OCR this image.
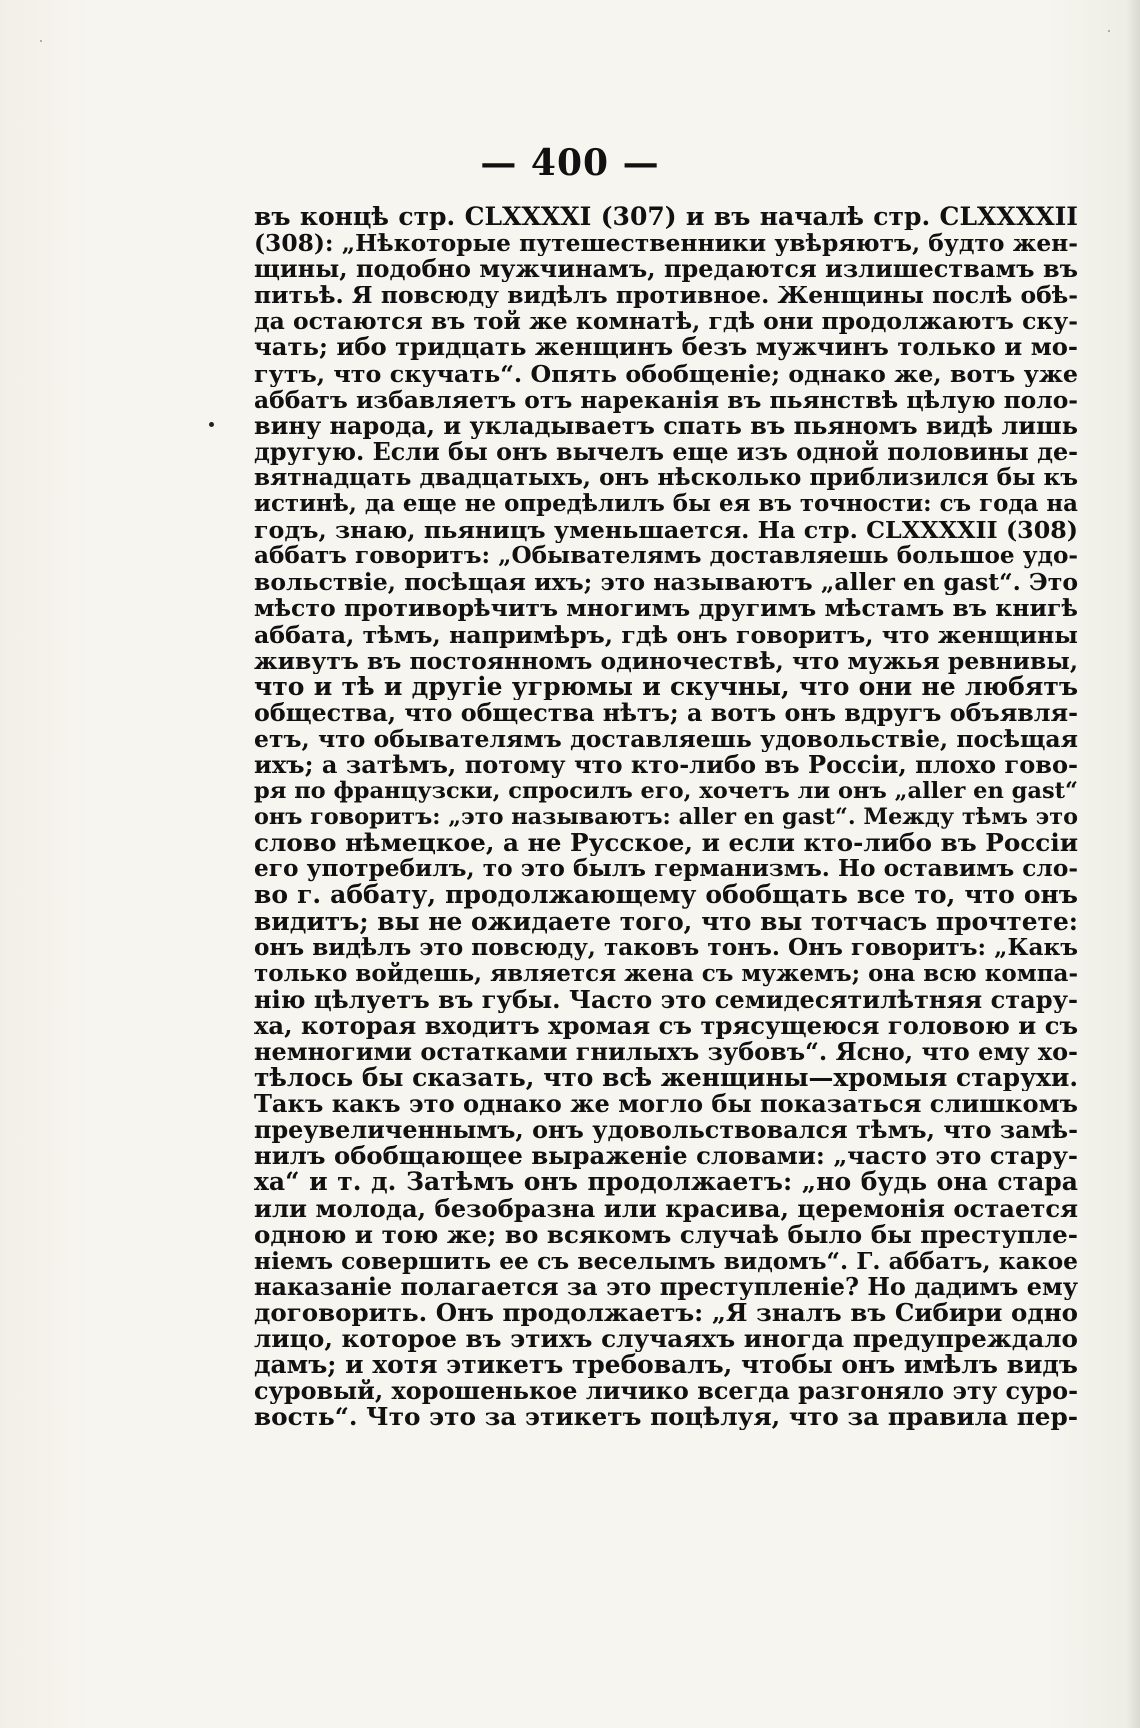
— 400 —
въ концѣ стр. CLXXXXI (307) и въ началѣ стр. CLXXXXII
(308): „Нѣкоторые путешественники увѣряютъ, будто жен-
щины, подобно мужчинамъ, предаются излишествамъ въ
питьѣ. Я повсюду видѣлъ противное. Женщины послѣ обѣ-
да остаются въ той же комнатѣ, гдѣ они продолжаютъ ску-
чать; ибо тридцать женщинъ безъ мужчинъ только и мо-
гутъ, что скучать“. Опять обобщеніе; однако же, вотъ уже
аббатъ избавляетъ отъ нареканія въ пьянствѣ цѣлую поло-
вину народа, и укладываетъ спать въ пьяномъ видѣ лишь
другую. Если бы онъ вычелъ еще изъ одной половины де-
вятнадцать двадцатыхъ, онъ нѣсколько приблизился бы къ
истинѣ, да еще не опредѣлилъ бы ея въ точности: съ года на
годъ, знаю, пьяницъ уменьшается. На стр. CLXXXXII (308)
аббатъ говоритъ: „Обывателямъ доставляешь большое удо-
вольствіе, посѣщая ихъ; это называютъ „aller en gast“. Это
мѣсто противорѣчитъ многимъ другимъ мѣстамъ въ книгѣ
аббата, тѣмъ, напримѣръ, гдѣ онъ говоритъ, что женщины
живутъ въ постоянномъ одиночествѣ, что мужья ревнивы,
что и тѣ и другіе угрюмы и скучны, что они не любятъ
общества, что общества нѣтъ; а вотъ онъ вдругъ объявля-
етъ, что обывателямъ доставляешь удовольствіе, посѣщая
ихъ; а затѣмъ, потому что кто-либо въ Россіи, плохо гово-
ря по французски, спросилъ его, хочетъ ли онъ „aller en gast“
онъ говоритъ: „это называютъ: aller en gast“. Между тѣмъ это
слово нѣмецкое, а не Русское, и если кто-либо въ Россіи
его употребилъ, то это былъ германизмъ. Но оставимъ сло-
во г. аббату, продолжающему обобщать все то, что онъ
видитъ; вы не ожидаете того, что вы тотчасъ прочтете:
онъ видѣлъ это повсюду, таковъ тонъ. Онъ говоритъ: „Какъ
только войдешь, является жена съ мужемъ; она всю компа-
нію цѣлуетъ въ губы. Часто это семидесятилѣтняя стару-
ха, которая входитъ хромая съ трясущеюся головою и съ
немногими остатками гнилыхъ зубовъ“. Ясно, что ему хо-
тѣлось бы сказать, что всѣ женщины—хромыя старухи.
Такъ какъ это однако же могло бы показаться слишкомъ
преувеличеннымъ, онъ удовольствовался тѣмъ, что замѣ-
нилъ обобщающее выраженіе словами: „часто это стару-
ха“ и т. д. Затѣмъ онъ продолжаетъ: „но будь она стара
или молода, безобразна или красива, церемонія остается
одною и тою же; во всякомъ случаѣ было бы преступле-
ніемъ совершить ее съ веселымъ видомъ“. Г. аббатъ, какое
наказаніе полагается за это преступленіе? Но дадимъ ему
договорить. Онъ продолжаетъ: „Я зналъ въ Сибири одно
лицо, которое въ этихъ случаяхъ иногда предупреждало
дамъ; и хотя этикетъ требовалъ, чтобы онъ имѣлъ видъ
суровый, хорошенькое личико всегда разгоняло эту суро-
вость“. Что это за этикетъ поцѣлуя, что за правила пер-
